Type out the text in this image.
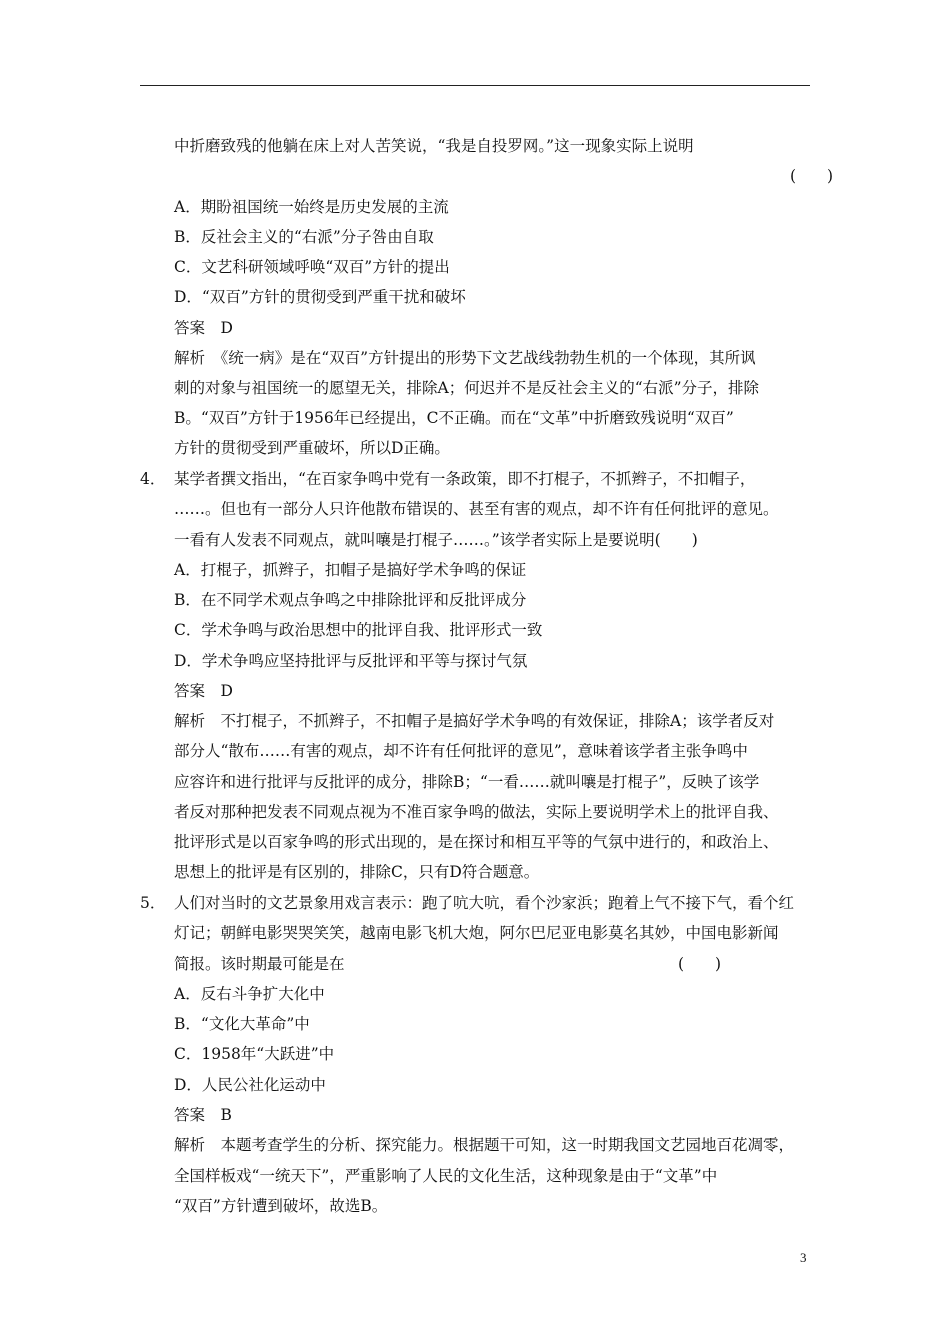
中折磨致残的他躺在床上对人苦笑说，“我是自投罗网。”这一现象实际上说明
(　　)
A．期盼祖国统一始终是历史发展的主流
B．反社会主义的“右派”分子咎由自取
C．文艺科研领域呼唤“双百”方针的提出
D．“双百”方针的贯彻受到严重干扰和破坏
答案　D
解析　《统一病》是在“双百”方针提出的形势下文艺战线勃勃生机的一个体现，其所讽
刺的对象与祖国统一的愿望无关，排除A；何迟并不是反社会主义的“右派”分子，排除
B。“双百”方针于1956年已经提出，C不正确。而在“文革”中折磨致残说明“双百”
方针的贯彻受到严重破坏，所以D正确。
4． 某学者撰文指出，“在百家争鸣中党有一条政策，即不打棍子，不抓辫子，不扣帽子，
……。但也有一部分人只许他散布错误的、甚至有害的观点，却不许有任何批评的意见。
一看有人发表不同观点，就叫嚷是打棍子……。”该学者实际上是要说明(　　)
A．打棍子，抓辫子，扣帽子是搞好学术争鸣的保证
B．在不同学术观点争鸣之中排除批评和反批评成分
C．学术争鸣与政治思想中的批评自我、批评形式一致
D．学术争鸣应坚持批评与反批评和平等与探讨气氛
答案　D
解析　不打棍子，不抓辫子，不扣帽子是搞好学术争鸣的有效保证，排除A；该学者反对
部分人“散布……有害的观点，却不许有任何批评的意见”，意味着该学者主张争鸣中
应容许和进行批评与反批评的成分，排除B；“一看……就叫嚷是打棍子”，反映了该学
者反对那种把发表不同观点视为不准百家争鸣的做法，实际上要说明学术上的批评自我、
批评形式是以百家争鸣的形式出现的，是在探讨和相互平等的气氛中进行的，和政治上、
思想上的批评是有区别的，排除C，只有D符合题意。
5． 人们对当时的文艺景象用戏言表示：跑了吭大吭，看个沙家浜；跑着上气不接下气，看个红
灯记；朝鲜电影哭哭笑笑，越南电影飞机大炮，阿尔巴尼亚电影莫名其妙，中国电影新闻
简报。该时期最可能是在	(　　)
A．反右斗争扩大化中
B．“文化大革命”中
C．1958年“大跃进”中
D．人民公社化运动中
答案　B
解析　本题考查学生的分析、探究能力。根据题干可知，这一时期我国文艺园地百花凋零，
全国样板戏“一统天下”，严重影响了人民的文化生活，这种现象是由于“文革”中
“双百”方针遭到破坏，故选B。
3
